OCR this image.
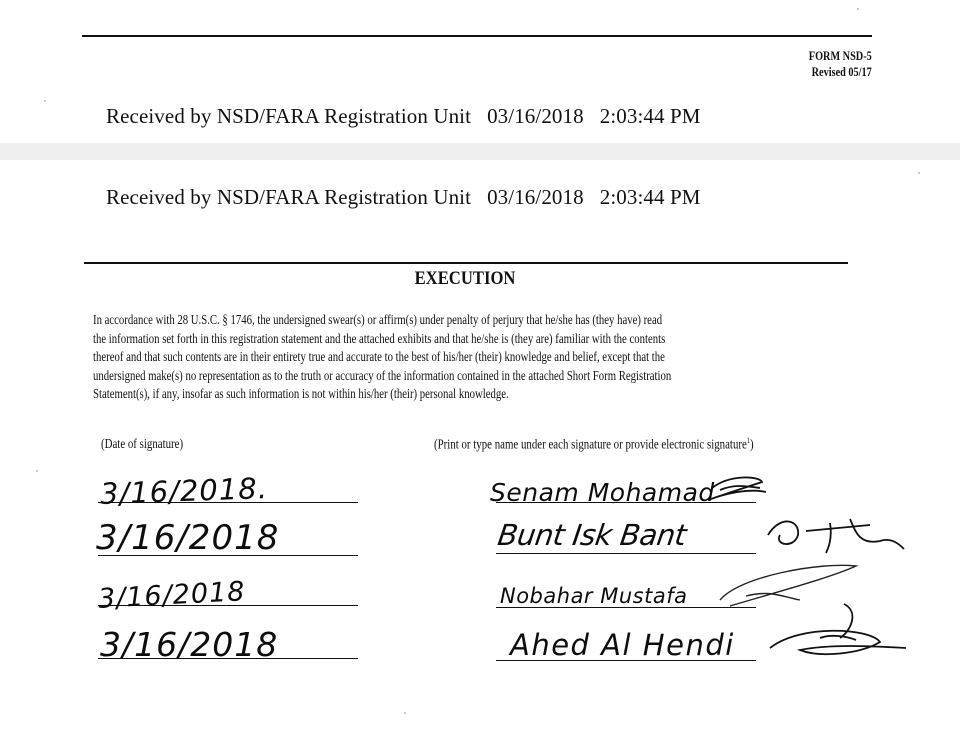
FORM NSD-5
Revised 05/17
Received by NSD/FARA Registration Unit 03/16/2018 2:03:44 PM
Received by NSD/FARA Registration Unit 03/16/2018 2:03:44 PM
EXECUTION
In accordance with 28 U.S.C. § 1746, the undersigned swear(s) or affirm(s) under penalty of perjury that he/she has (they have) read
the information set forth in this registration statement and the attached exhibits and that he/she is (they are) familiar with the contents
thereof and that such contents are in their entirety true and accurate to the best of his/her (their) knowledge and belief, except that the
undersigned make(s) no representation as to the truth or accuracy of the information contained in the attached Short Form Registration
Statement(s), if any, insofar as such information is not within his/her (their) personal knowledge.
(Date of signature)	(Print or type name under each signature or provide electronic signature$^1$)
3/16/2018.
3/16/2018
3/16/2018
3/16/2018
Senam Mohamad
Bunt Isk Bant
Nobahar Mustafa
Ahed Al Hendi
